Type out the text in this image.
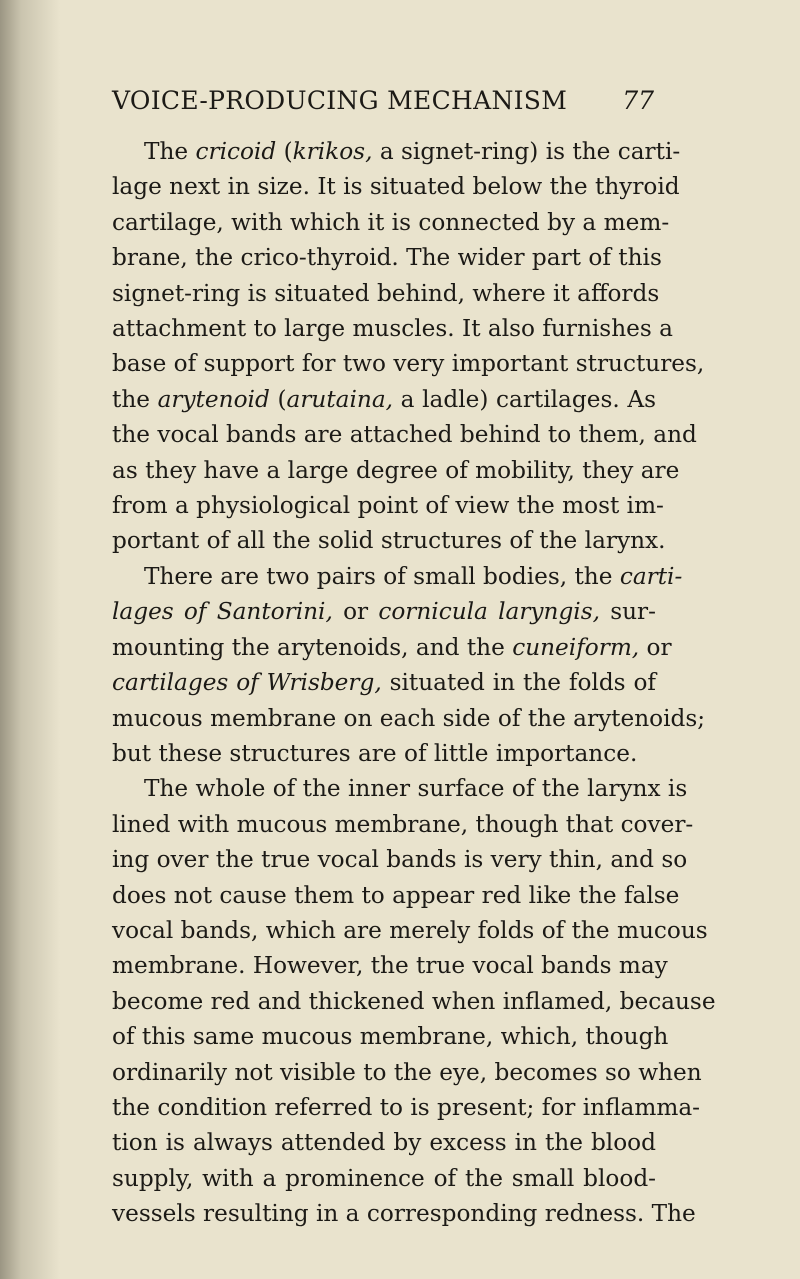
VOICE-PRODUCING MECHANISM 77
The cricoid (krikos, a signet-ring) is the carti-
lage next in size. It is situated below the thyroid
cartilage, with which it is connected by a mem-
brane, the crico-thyroid. The wider part of this
signet-ring is situated behind, where it affords
attachment to large muscles. It also furnishes a
base of support for two very important structures,
the arytenoid (arutaina, a ladle) cartilages. As
the vocal bands are attached behind to them, and
as they have a large degree of mobility, they are
from a physiological point of view the most im-
portant of all the solid structures of the larynx.
There are two pairs of small bodies, the carti-
lages of Santorini, or cornicula laryngis, sur-
mounting the arytenoids, and the cuneiform, or
cartilages of Wrisberg, situated in the folds of
mucous membrane on each side of the arytenoids;
but these structures are of little importance.
The whole of the inner surface of the larynx is
lined with mucous membrane, though that cover-
ing over the true vocal bands is very thin, and so
does not cause them to appear red like the false
vocal bands, which are merely folds of the mucous
membrane. However, the true vocal bands may
become red and thickened when inflamed, because
of this same mucous membrane, which, though
ordinarily not visible to the eye, becomes so when
the condition referred to is present; for inflamma-
tion is always attended by excess in the blood
supply, with a prominence of the small blood-
vessels resulting in a corresponding redness. The
